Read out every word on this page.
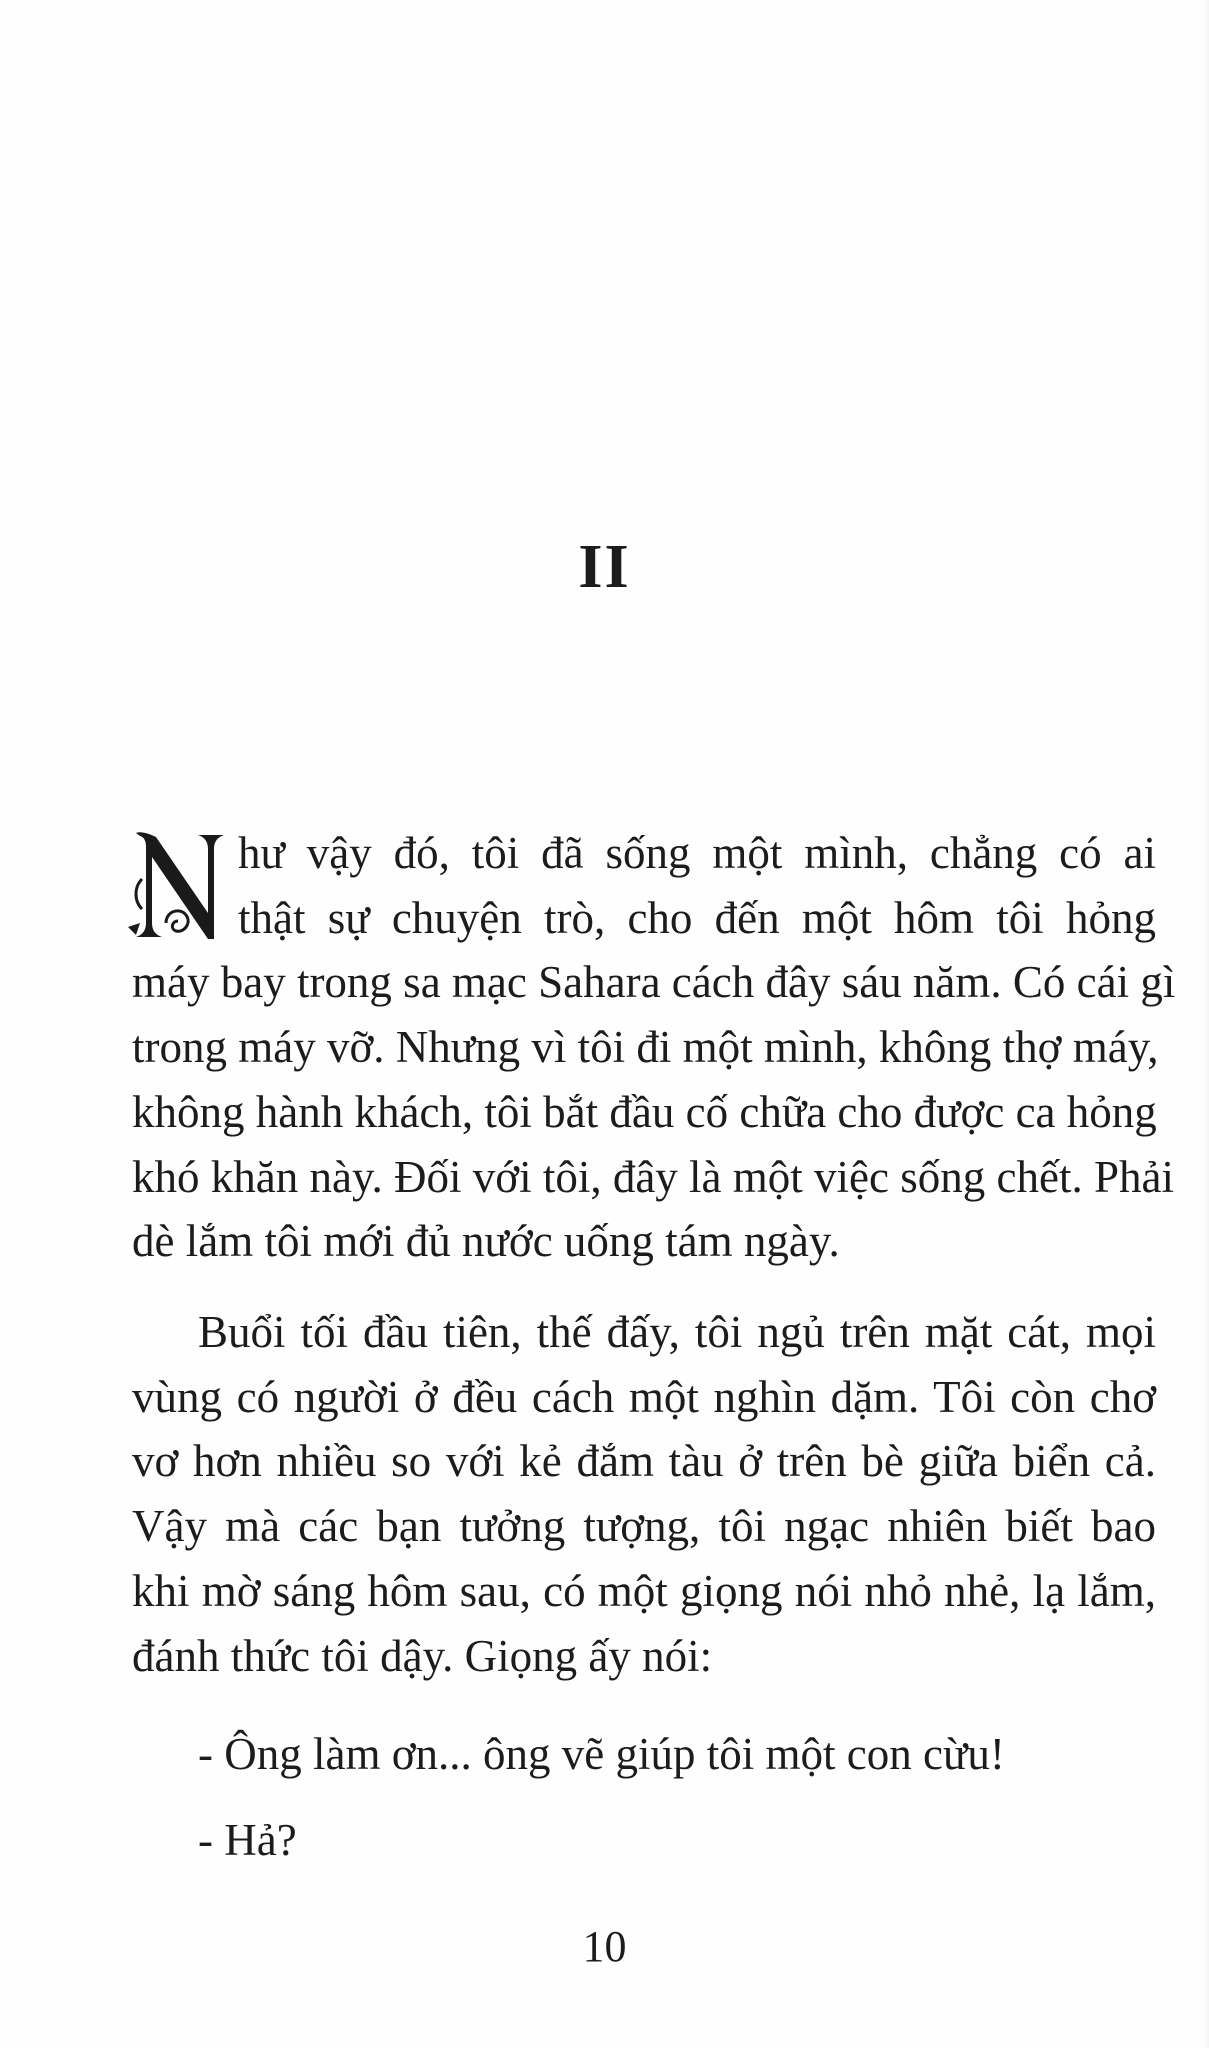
II
hư vậy đó, tôi đã sống một mình, chẳng có ai
thật sự chuyện trò, cho đến một hôm tôi hỏng
máy bay trong sa mạc Sahara cách đây sáu năm. Có cái gì
trong máy vỡ. Nhưng vì tôi đi một mình, không thợ máy,
không hành khách, tôi bắt đầu cố chữa cho được ca hỏng
khó khăn này. Đối với tôi, đây là một việc sống chết. Phải
dè lắm tôi mới đủ nước uống tám ngày.
Buổi tối đầu tiên, thế đấy, tôi ngủ trên mặt cát, mọi
vùng có người ở đều cách một nghìn dặm. Tôi còn chơ
vơ hơn nhiều so với kẻ đắm tàu ở trên bè giữa biển cả.
Vậy mà các bạn tưởng tượng, tôi ngạc nhiên biết bao
khi mờ sáng hôm sau, có một giọng nói nhỏ nhẻ, lạ lắm,
đánh thức tôi dậy. Giọng ấy nói:
- Ông làm ơn... ông vẽ giúp tôi một con cừu!
- Hả?
10
